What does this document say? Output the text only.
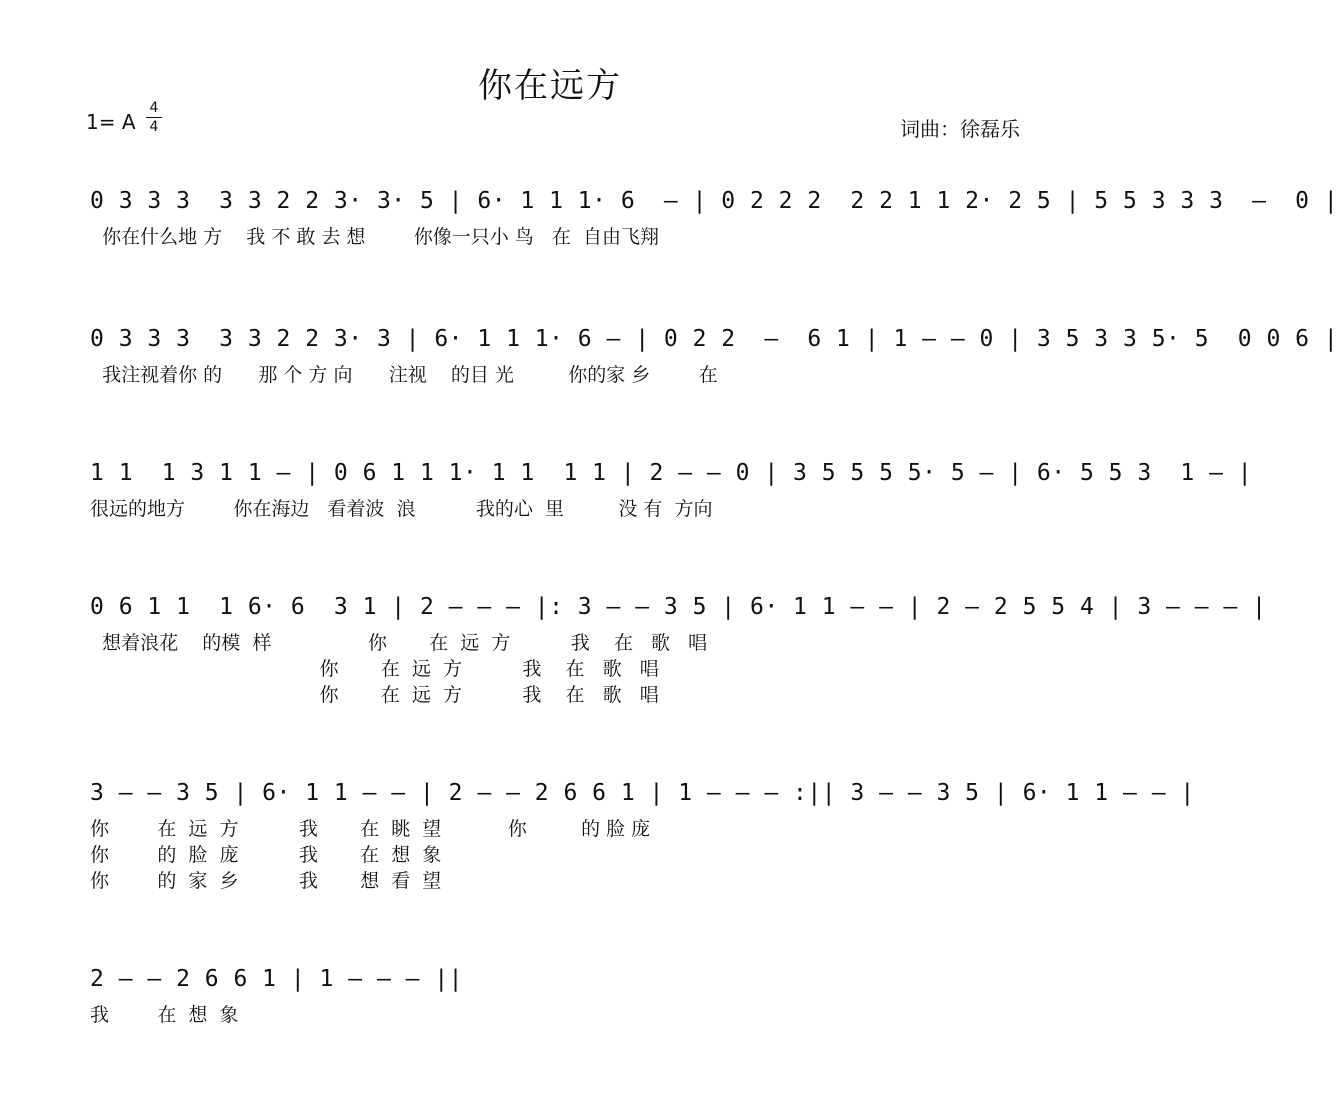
你在远方
1= A
4
4	词曲：徐磊乐
0 3 3 3  3 3 2 2 3· 3· 5 | 6· 1 1 1· 6  — | 0 2 2 2  2 2 1 1 2· 2 5 | 5 5 3 3 3  —  0 |
你在什么地 方    我 不 敢 去 想        你像一只小 鸟   在  自由飞翔
0 3 3 3  3 3 2 2 3· 3 | 6· 1 1 1· 6 — | 0 2 2  —  6 1 | 1 — — 0 | 3 5 3 3 5· 5  0 0 6 |
我注视着你 的      那 个 方 向      注视    的目 光         你的家 乡        在
1 1  1 3 1 1 — | 0 6 1 1 1· 1 1  1 1 | 2 — — 0 | 3 5 5 5 5· 5 — | 6· 5 5 3  1 — |
很远的地方        你在海边   看着波  浪          我的心  里         没 有  方向
0 6 1 1  1 6· 6  3 1 | 2 — — — |: 3 — — 3 5 | 6· 1 1 — — | 2 — 2 5 5 4 | 3 — — — |
想着浪花    的模  样                你       在  远  方          我    在   歌   唱
你       在  远  方          我    在   歌   唱
你       在  远  方          我    在   歌   唱
3 — — 3 5 | 6· 1 1 — — | 2 — — 2 6 6 1 | 1 — — — :|| 3 — — 3 5 | 6· 1 1 — — |
你        在  远  方          我       在  眺  望           你         的 脸 庞
你        的  脸  庞          我       在  想  象
你        的  家  乡          我       想  看  望
2 — — 2 6 6 1 | 1 — — — ||
我        在  想  象
